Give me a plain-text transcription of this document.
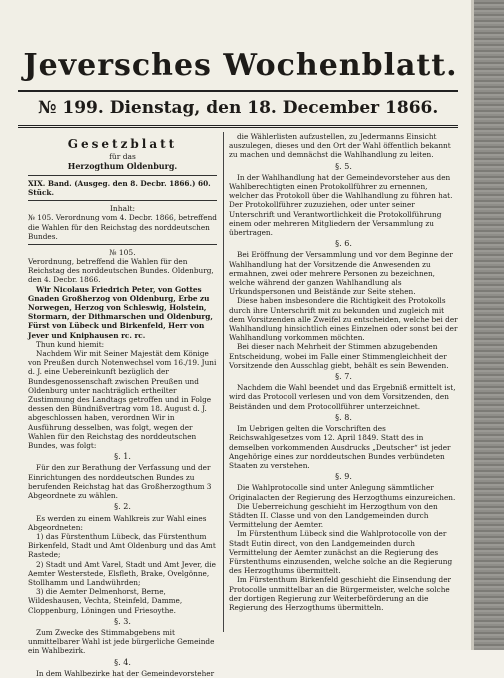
Jeversches Wochenblatt.
№ 199. Dienstag, den 18. December 1866.
Gesetzblatt
für das
Herzogthum Oldenburg.
XIX. Band. (Ausgeg. den 8. Decbr. 1866.) 60. Stück.
Inhalt:
№ 105. Verordnung vom 4. Decbr. 1866, betreffend die Wahlen für den Reichstag des norddeutschen Bundes.
№ 105.
Verordnung, betreffend die Wahlen für den Reichstag des norddeutschen Bundes. Oldenburg, den 4. Decbr. 1866.

Wir Nicolaus Friedrich Peter, von Gottes Gnaden Großherzog von Oldenburg, Erbe zu Norwegen, Herzog von Schleswig, Holstein, Stormarn, der Dithmarschen und Oldenburg, Fürst von Lübeck und Birkenfeld, Herr von Jever und Kniphausen rc. rc.

Thun kund hiemit:

Nachdem Wir mit Seiner Majestät dem Könige von Preußen durch Notenwechsel vom 16./19. Juni d. J. eine Uebereinkunft bezüglich der Bundesgenossenschaft zwischen Preußen und Oldenburg unter nachträglich ertheilter Zustimmung des Landtags getroffen und in Folge dessen den Bündnißvertrag vom 18. August d. J. abgeschlossen haben, verordnen Wir in Ausführung desselben, was folgt, wegen der Wahlen für den Reichstag des norddeutschen Bundes, was folgt:

§. 1.

Für den zur Berathung der Verfassung und der Einrichtungen des norddeutschen Bundes zu berufenden Reichstag hat das Großherzogthum 3 Abgeordnete zu wählen.

§. 2.

Es werden zu einem Wahlkreis zur Wahl eines Abgeordneten:

1) das Fürstenthum Lübeck, das Fürstenthum Birkenfeld, Stadt und Amt Oldenburg und das Amt Rastede;

2) Stadt und Amt Varel, Stadt und Amt Jever, die Aemter Westerstede, Elsfleth, Brake, Ovelgönne, Stollhamm und Landwührden;

3) die Aemter Delmenhorst, Berne, Wildeshausen, Vechta, Steinfeld, Damme, Cloppenburg, Löningen und Friesoythe.

§. 3.

Zum Zwecke des Stimmabgebens mit unmittelbarer Wahl ist jede bürgerliche Gemeinde ein Wahlbezirk.

§. 4.

In dem Wahlbezirke hat der Gemeindevorsteher

die Wählerlisten aufzustellen, zu Jedermanns Einsicht auszulegen, dieses und den Ort der Wahl öffentlich bekannt zu machen und demnächst die Wahlhandlung zu leiten.

§. 5.

In der Wahlhandlung hat der Gemeindevorsteher aus den Wahlberechtigten einen Protokollführer zu ernennen, welcher das Protokoll über die Wahlhandlung zu führen hat. Der Protokollführer zuzuziehen, oder unter seiner Unterschrift und Verantwortlichkeit die Protokollführung einem oder mehreren Mitgliedern der Versammlung zu übertragen.

§. 6.

Bei Eröffnung der Versammlung und vor dem Beginne der Wahlhandlung hat der Vorsitzende die Anwesenden zu ermahnen, zwei oder mehrere Personen zu bezeichnen, welche während der ganzen Wahlhandlung als Urkundspersonen und Beistände zur Seite stehen.

Diese haben insbesondere die Richtigkeit des Protokolls durch ihre Unterschrift mit zu bekunden und zugleich mit dem Vorsitzenden alle Zweifel zu entscheiden, welche bei der Wahlhandlung hinsichtlich eines Einzelnen oder sonst bei der Wahlhandlung vorkommen möchten.

Bei dieser nach Mehrheit der Stimmen abzugebenden Entscheidung, wobei im Falle einer Stimmengleichheit der Vorsitzende den Ausschlag giebt, behält es sein Bewenden.

§. 7.

Nachdem die Wahl beendet und das Ergebniß ermittelt ist, wird das Protocoll verlesen und von dem Vorsitzenden, den Beiständen und dem Protocollführer unterzeichnet.

§. 8.

Im Uebrigen gelten die Vorschriften des Reichswahlgesetzes vom 12. April 1849. Statt des in demselben vorkommenden Ausdrucks „Deutscher“ ist jeder Angehörige eines zur norddeutschen Bundes verbündeten Staaten zu verstehen.

§. 9.

Die Wahlprotocolle sind unter Anlegung sämmtlicher Originalacten der Regierung des Herzogthums einzureichen.

Die Ueberreichung geschieht im Herzogthum von den Städten II. Classe und von den Landgemeinden durch Vermittelung der Aemter.

Im Fürstenthum Lübeck sind die Wahlprotocolle von der Stadt Eutin direct, von den Landgemeinden durch Vermittelung der Aemter zunächst an die Regierung des Fürstenthums einzusenden, welche solche an die Regierung des Herzogthums übermittelt.

Im Fürstenthum Birkenfeld geschieht die Einsendung der Protocolle unmittelbar an die Bürgermeister, welche solche der dortigen Regierung zur Weiterbeförderung an die Regierung des Herzogthums übermitteln.
